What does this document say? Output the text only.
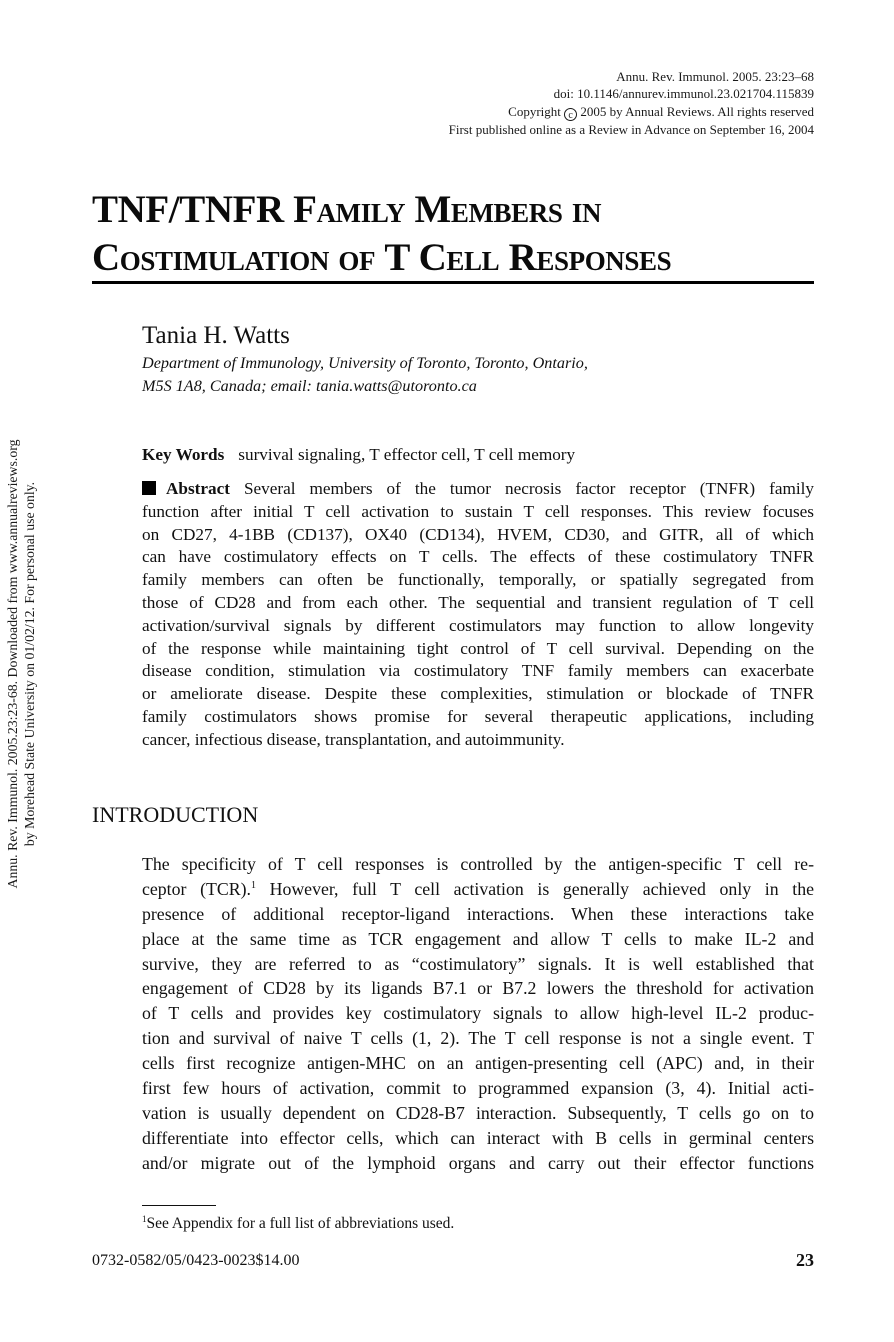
Annu. Rev. Immunol. 2005.23:23-68. Downloaded from www.annualreviews.org by Morehead State University on 01/02/12. For personal use only.
Annu. Rev. Immunol. 2005. 23:23–68
doi: 10.1146/annurev.immunol.23.021704.115839
Copyright c 2005 by Annual Reviews. All rights reserved
First published online as a Review in Advance on September 16, 2004
TNF/TNFR Family Members in
Costimulation of T Cell Responses
Tania H. Watts
Department of Immunology, University of Toronto, Toronto, Ontario,
M5S 1A8, Canada; email: tania.watts@utoronto.ca
Key Words survival signaling, T effector cell, T cell memory
Abstract Several members of the tumor necrosis factor receptor (TNFR) family
function after initial T cell activation to sustain T cell responses. This review focuses
on CD27, 4-1BB (CD137), OX40 (CD134), HVEM, CD30, and GITR, all of which
can have costimulatory effects on T cells. The effects of these costimulatory TNFR
family members can often be functionally, temporally, or spatially segregated from
those of CD28 and from each other. The sequential and transient regulation of T cell
activation/survival signals by different costimulators may function to allow longevity
of the response while maintaining tight control of T cell survival. Depending on the
disease condition, stimulation via costimulatory TNF family members can exacerbate
or ameliorate disease. Despite these complexities, stimulation or blockade of TNFR
family costimulators shows promise for several therapeutic applications, including
cancer, infectious disease, transplantation, and autoimmunity.
INTRODUCTION
The specificity of T cell responses is controlled by the antigen-specific T cell re-
ceptor (TCR).$^1$ However, full T cell activation is generally achieved only in the
presence of additional receptor-ligand interactions. When these interactions take
place at the same time as TCR engagement and allow T cells to make IL-2 and
survive, they are referred to as “costimulatory” signals. It is well established that
engagement of CD28 by its ligands B7.1 or B7.2 lowers the threshold for activation
of T cells and provides key costimulatory signals to allow high-level IL-2 produc-
tion and survival of naive T cells (1, 2). The T cell response is not a single event. T
cells first recognize antigen-MHC on an antigen-presenting cell (APC) and, in their
first few hours of activation, commit to programmed expansion (3, 4). Initial acti-
vation is usually dependent on CD28-B7 interaction. Subsequently, T cells go on to
differentiate into effector cells, which can interact with B cells in germinal centers
and/or migrate out of the lymphoid organs and carry out their effector functions
$^1$See Appendix for a full list of abbreviations used.
0732-0582/05/0423-0023$14.00	23
